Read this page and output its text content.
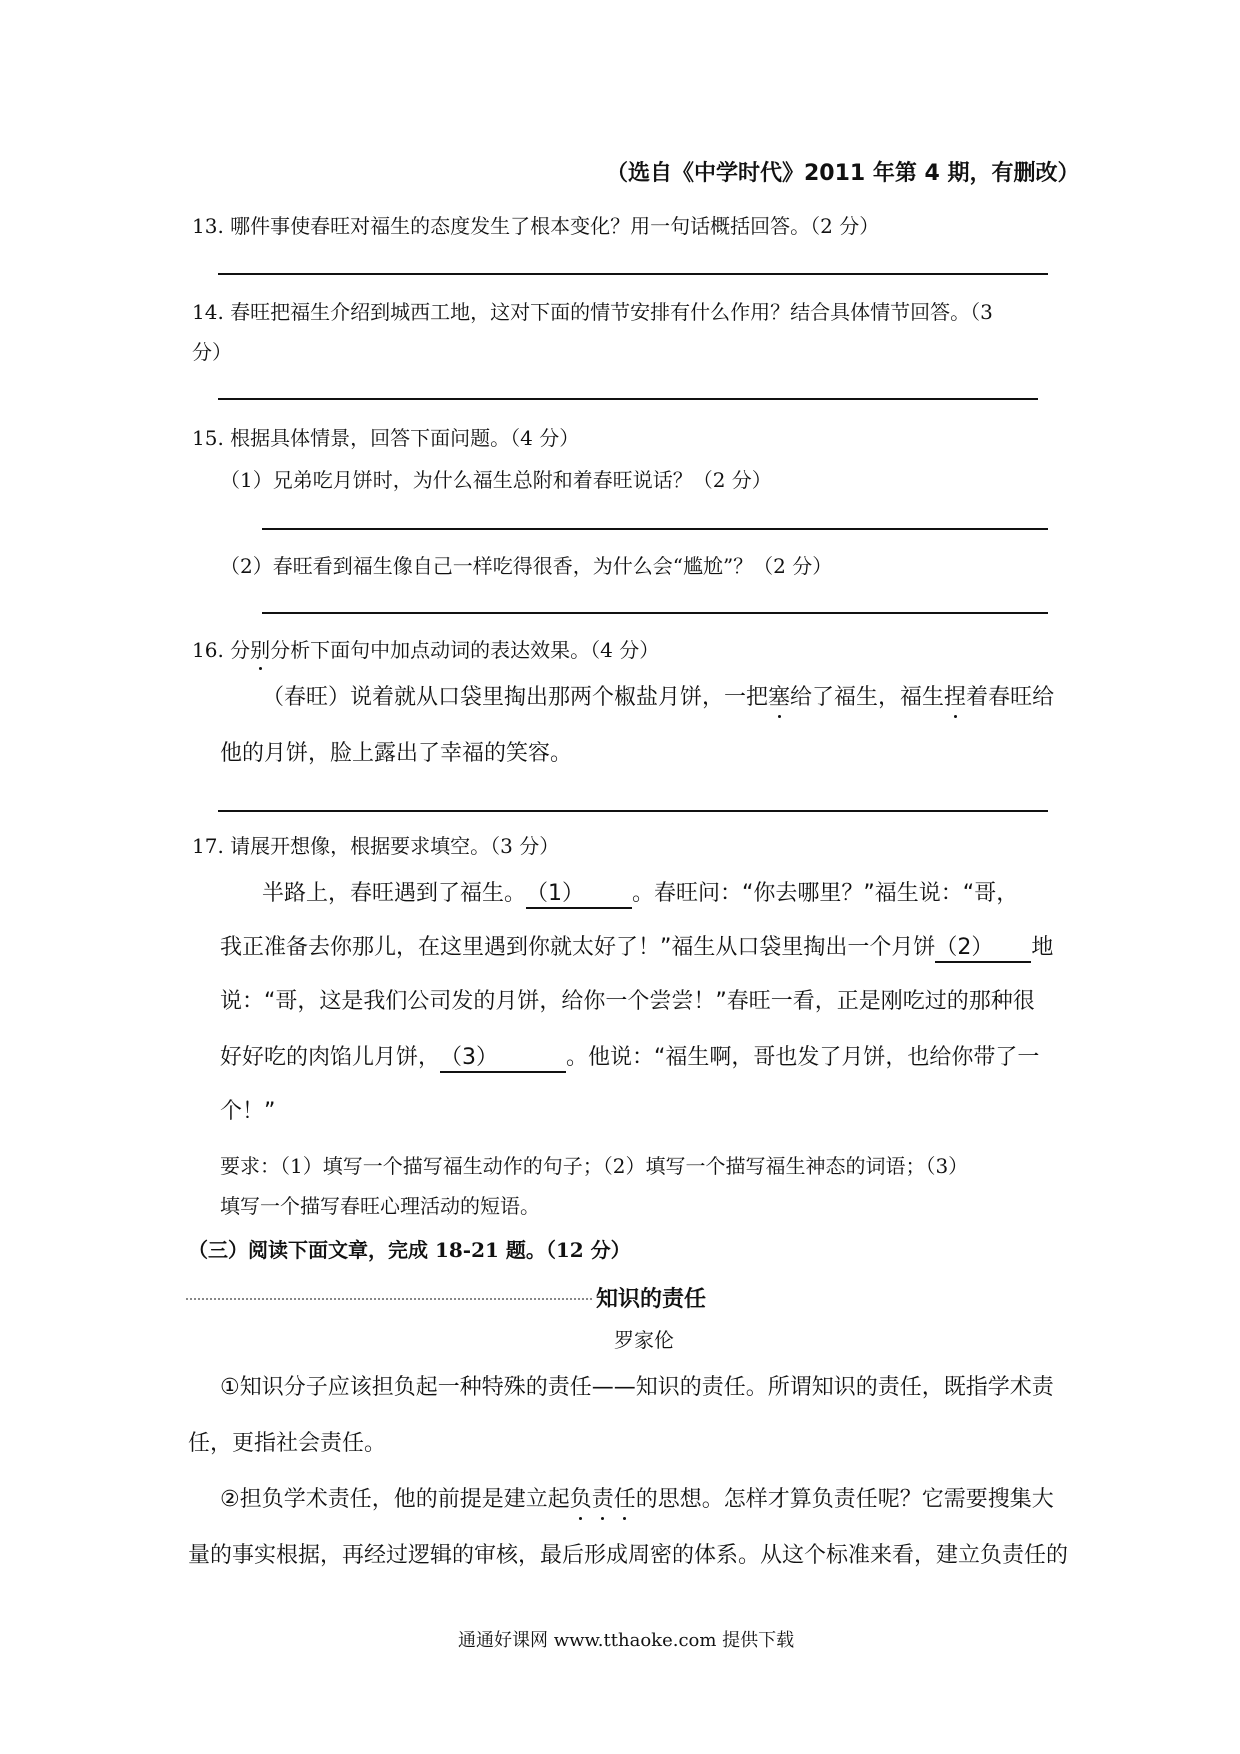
（选自《中学时代》2011 年第 4 期，有删改）

13. 哪件事使春旺对福生的态度发生了根本变化？用一句话概括回答。（2 分）

14. 春旺把福生介绍到城西工地，这对下面的情节安排有什么作用？结合具体情节回答。（3

分）

15. 根据具体情景，回答下面问题。（4 分）

（1）兄弟吃月饼时，为什么福生总附和着春旺说话？（2 分）

（2）春旺看到福生像自己一样吃得很香，为什么会“尴尬”？（2 分）

16. 分别分析下面句中加点动词的表达效果。（4 分）

（春旺）说着就从口袋里掏出那两个椒盐月饼，一把塞给了福生，福生捏着春旺给

他的月饼，脸上露出了幸福的笑容。

17. 请展开想像，根据要求填空。（3 分）

半路上，春旺遇到了福生。（1） 。春旺问：“你去哪里？”福生说：“哥，

我正准备去你那儿，在这里遇到你就太好了！”福生从口袋里掏出一个月饼（2） 地

说：“哥，这是我们公司发的月饼，给你一个尝尝！”春旺一看，正是刚吃过的那种很

好好吃的肉馅儿月饼，（3）	。他说：“福生啊，哥也发了月饼，也给你带了一

个！”

要求：（1）填写一个描写福生动作的句子；（2）填写一个描写福生神态的词语；（3）

填写一个描写春旺心理活动的短语。

（三）阅读下面文章，完成 18-21 题。（12 分）

知识的责任

罗家伦

①知识分子应该担负起一种特殊的责任——知识的责任。所谓知识的责任，既指学术责

任，更指社会责任。

②担负学术责任，他的前提是建立起负责任的思想。怎样才算负责任呢？它需要搜集大

量的事实根据，再经过逻辑的审核，最后形成周密的体系。从这个标准来看，建立负责任的

通通好课网 www.tthaoke.com 提供下载
